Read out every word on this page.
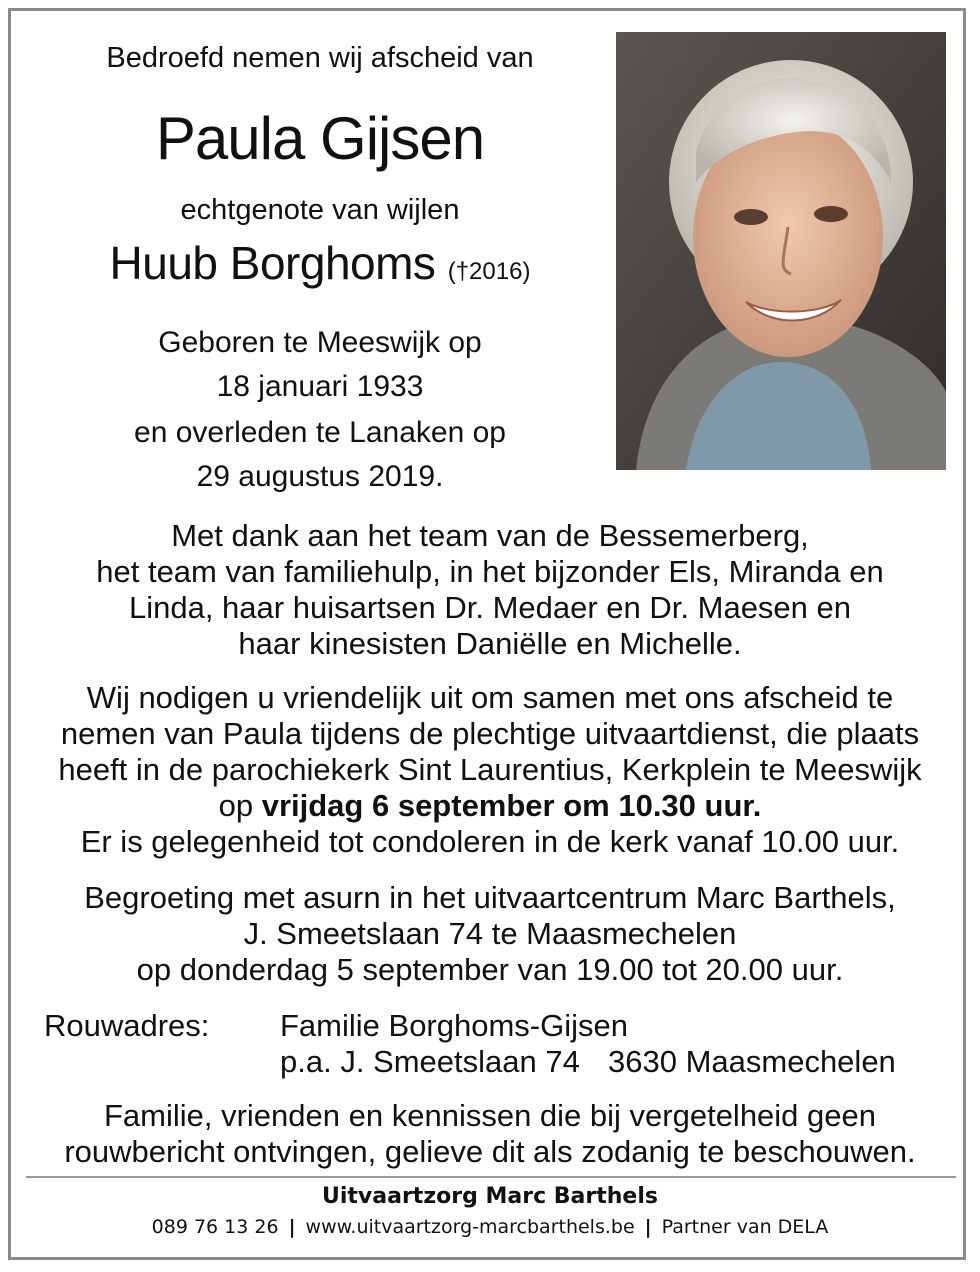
Bedroefd nemen wij afscheid van
Paula Gijsen
echtgenote van wijlen
Huub Borghoms (†2016)
Geboren te Meeswijk op
18 januari 1933
en overleden te Lanaken op
29 augustus 2019.
Met dank aan het team van de Bessemerberg,
het team van familiehulp, in het bijzonder Els, Miranda en
Linda, haar huisartsen Dr. Medaer en Dr. Maesen en
haar kinesisten Daniëlle en Michelle.
Wij nodigen u vriendelijk uit om samen met ons afscheid te
nemen van Paula tijdens de plechtige uitvaartdienst, die plaats
heeft in de parochiekerk Sint Laurentius, Kerkplein te Meeswijk
op vrijdag 6 september om 10.30 uur.
Er is gelegenheid tot condoleren in de kerk vanaf 10.00 uur.
Begroeting met asurn in het uitvaartcentrum Marc Barthels,
J. Smeetslaan 74 te Maasmechelen
op donderdag 5 september van 19.00 tot 20.00 uur.
Rouwadres: Familie Borghoms-Gijsen
p.a. J. Smeetslaan 74 3630 Maasmechelen
Familie, vrienden en kennissen die bij vergetelheid geen
rouwbericht ontvingen, gelieve dit als zodanig te beschouwen.
Uitvaartzorg Marc Barthels
089 76 13 26 | www.uitvaartzorg-marcbarthels.be | Partner van DELA
